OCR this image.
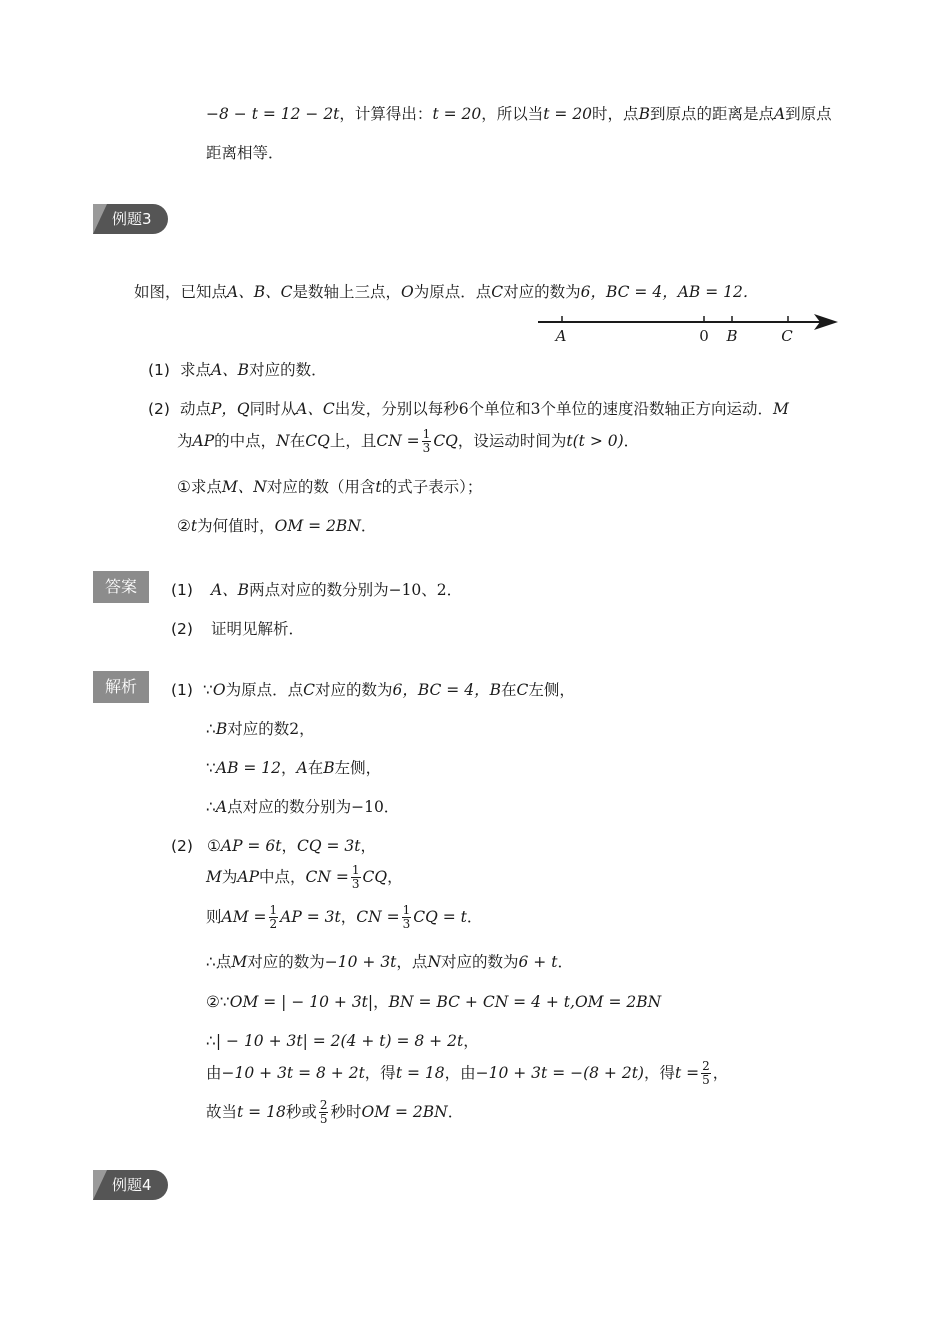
−8 − t = 12 − 2t，计算得出：t = 20，所以当t = 20时，点B到原点的距离是点A到原点
距离相等．
例题3
如图，已知点A、B、C是数轴上三点，O为原点．点C对应的数为6，BC = 4，AB = 12．
A	0 B	C
(1) 求点A、B对应的数．
(2) 动点P，Q同时从A、C出发，分别以每秒6个单位和3个单位的速度沿数轴正方向运动．M
为AP的中点，N在CQ上，且CN = $\frac{1}{3}$ CQ，设运动时间为t(t > 0)．
①求点M、N对应的数（用含t的式子表示）；
②t为何值时，OM = 2BN．
答案	(1) A、B两点对应的数分别为−10、2．
(2) 证明见解析．
解析	(1) ∵O为原点．点C对应的数为6，BC = 4，B在C左侧，
∴B对应的数2，
∵AB = 12，A在B左侧，
∴A点对应的数分别为−10．
(2) ①AP = 6t，CQ = 3t，
M为AP中点，CN = $\frac{1}{3}$ CQ，
则AM = $\frac{1}{2}$ AP = 3t，CN = $\frac{1}{3}$ CQ = t．
∴点M对应的数为−10 + 3t，点N对应的数为6 + t．
②∵OM = | − 10 + 3t|，BN = BC + CN = 4 + t,OM = 2BN
∴| − 10 + 3t| = 2(4 + t) = 8 + 2t，
由−10 + 3t = 8 + 2t，得t = 18，由−10 + 3t = −(8 + 2t)，得$t = \frac{2}{5}$ ，
故当t = 18秒或 $\frac{2}{5}$ 秒时OM = 2BN．
例题4
